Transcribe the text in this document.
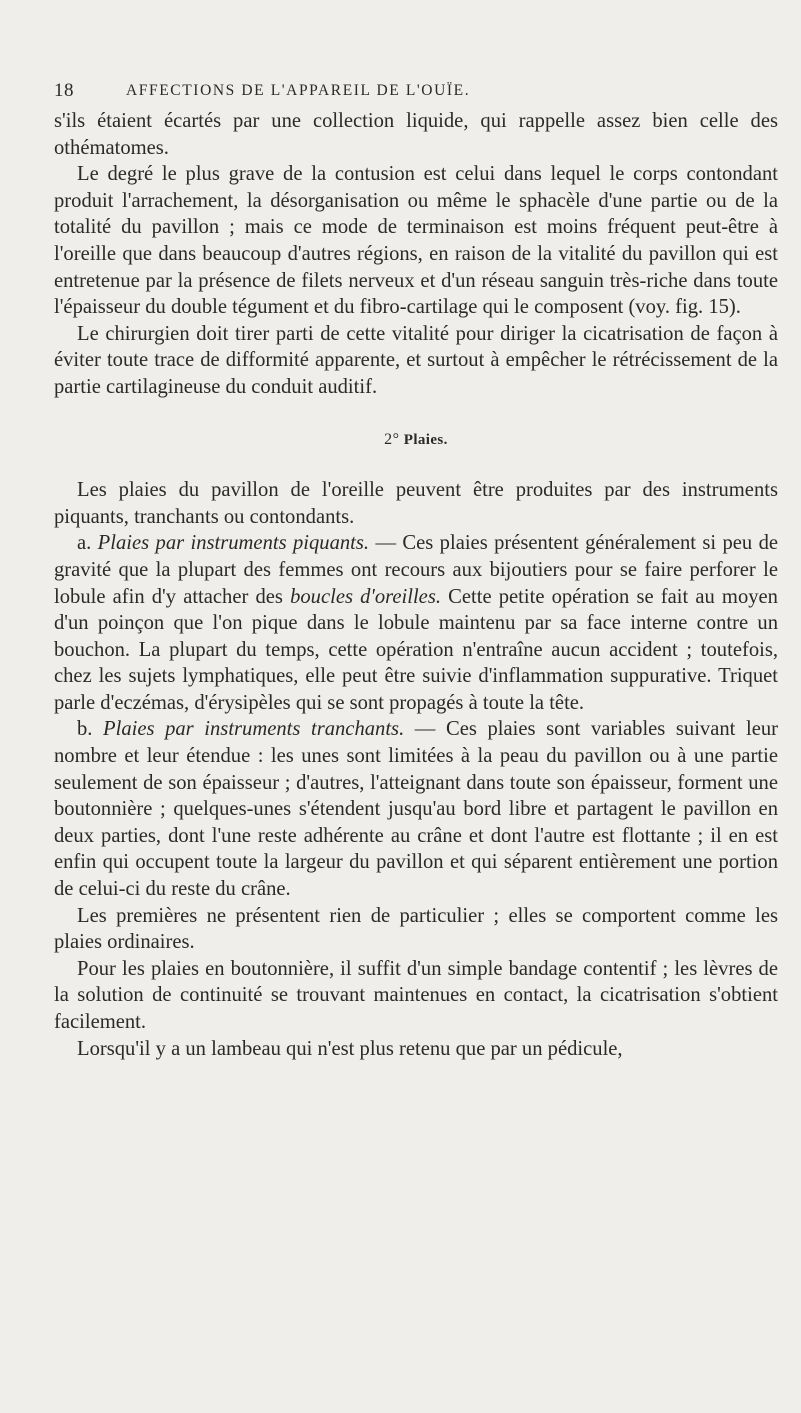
18	AFFECTIONS DE L'APPAREIL DE L'OUÏE.

s'ils étaient écartés par une collection liquide, qui rappelle assez bien celle des othématomes.

Le degré le plus grave de la contusion est celui dans lequel le corps contondant produit l'arrachement, la désorganisation ou même le sphacèle d'une partie ou de la totalité du pavillon ; mais ce mode de terminaison est moins fréquent peut-être à l'oreille que dans beaucoup d'autres régions, en raison de la vitalité du pavillon qui est entretenue par la présence de filets nerveux et d'un réseau sanguin très-riche dans toute l'épaisseur du double tégument et du fibro-cartilage qui le composent (voy. fig. 15).

Le chirurgien doit tirer parti de cette vitalité pour diriger la cicatrisation de façon à éviter toute trace de difformité apparente, et surtout à empêcher le rétrécissement de la partie cartilagineuse du conduit auditif.

2° Plaies.

Les plaies du pavillon de l'oreille peuvent être produites par des instruments piquants, tranchants ou contondants.

a. Plaies par instruments piquants. — Ces plaies présentent généralement si peu de gravité que la plupart des femmes ont recours aux bijoutiers pour se faire perforer le lobule afin d'y attacher des boucles d'oreilles. Cette petite opération se fait au moyen d'un poinçon que l'on pique dans le lobule maintenu par sa face interne contre un bouchon. La plupart du temps, cette opération n'entraîne aucun accident ; toutefois, chez les sujets lymphatiques, elle peut être suivie d'inflammation suppurative. Triquet parle d'eczémas, d'érysipèles qui se sont propagés à toute la tête.

b. Plaies par instruments tranchants. — Ces plaies sont variables suivant leur nombre et leur étendue : les unes sont limitées à la peau du pavillon ou à une partie seulement de son épaisseur ; d'autres, l'atteignant dans toute son épaisseur, forment une boutonnière ; quelques-unes s'étendent jusqu'au bord libre et partagent le pavillon en deux parties, dont l'une reste adhérente au crâne et dont l'autre est flottante ; il en est enfin qui occupent toute la largeur du pavillon et qui séparent entièrement une portion de celui-ci du reste du crâne.

Les premières ne présentent rien de particulier ; elles se comportent comme les plaies ordinaires.

Pour les plaies en boutonnière, il suffit d'un simple bandage contentif ; les lèvres de la solution de continuité se trouvant maintenues en contact, la cicatrisation s'obtient facilement.

Lorsqu'il y a un lambeau qui n'est plus retenu que par un pédicule,
